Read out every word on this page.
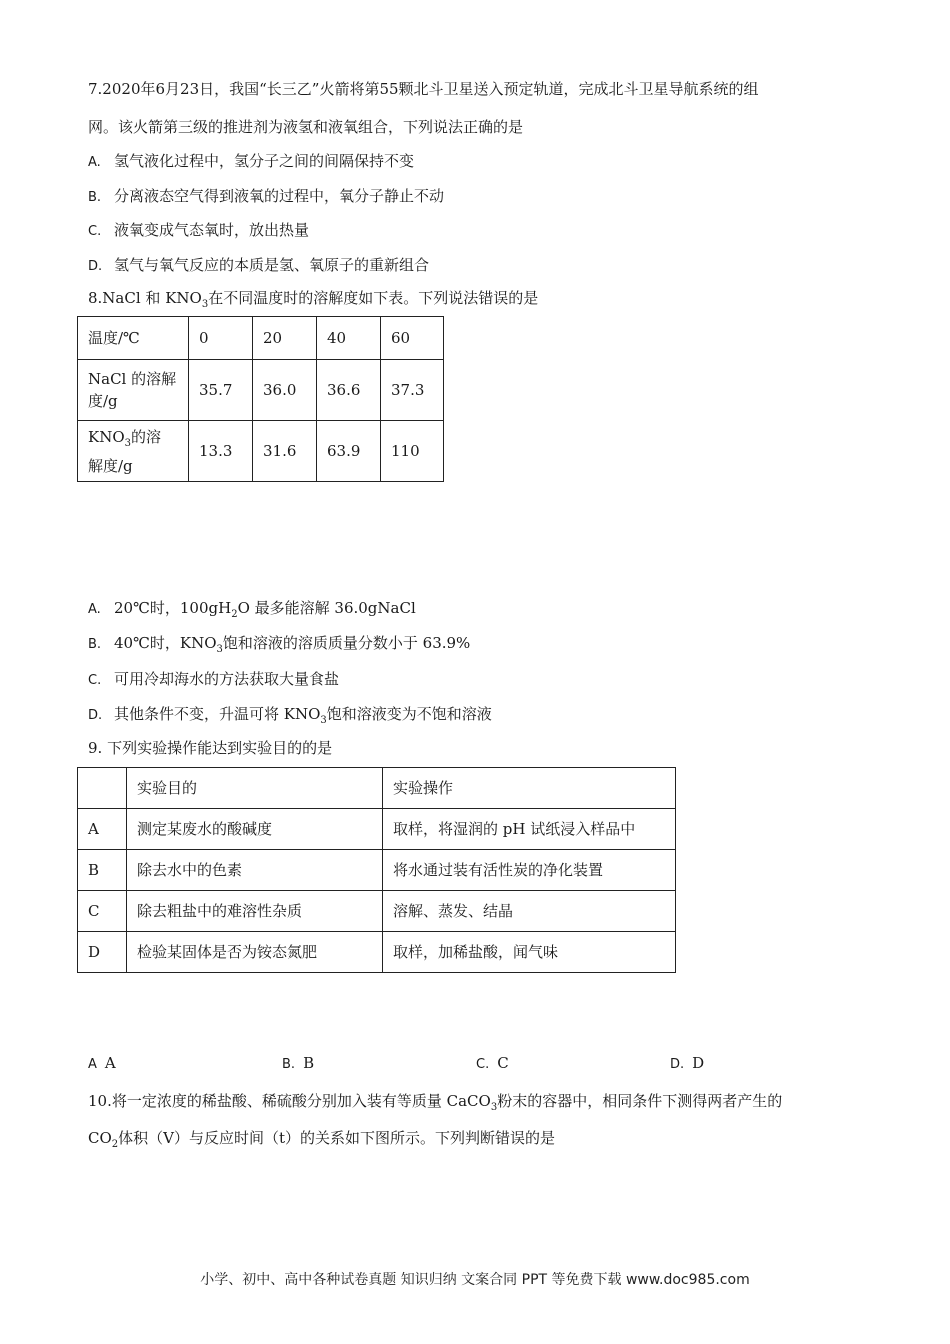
7.2020年6月23日，我国“长三乙”火箭将第55颗北斗卫星送入预定轨道，完成北斗卫星导航系统的组
网。该火箭第三级的推进剂为液氢和液氧组合，下列说法正确的是
A. 氢气液化过程中，氢分子之间的间隔保持不变
B. 分离液态空气得到液氧的过程中，氧分子静止不动
C. 液氧变成气态氧时，放出热量
D. 氢气与氧气反应的本质是氢、氧原子的重新组合
8.NaCl 和 $KNO_3$在不同温度时的溶解度如下表。下列说法错误的是
温度/℃	0	20	40	60
NaCl 的溶解
度/g	35.7	36.0	36.6	37.3
$KNO_3$的溶
解度/g	13.3	31.6	63.9	110
A. 20℃时，$100gH_2O$ 最多能溶解 36.0gNaCl
B. 40℃时，$KNO_3$饱和溶液的溶质质量分数小于 63.9%
C. 可用冷却海水的方法获取大量食盐
D. 其他条件不变，升温可将 $KNO_3$饱和溶液变为不饱和溶液
9. 下列实验操作能达到实验目的的是
	实验目的	实验操作
A	测定某废水的酸碱度	取样，将湿润的 pH 试纸浸入样品中
B	除去水中的色素	将水通过装有活性炭的净化装置
C	除去粗盐中的难溶性杂质	溶解、蒸发、结晶
D	检验某固体是否为铵态氮肥	取样，加稀盐酸，闻气味
A A	B. B	C. C	D. D
10.将一定浓度的稀盐酸、稀硫酸分别加入装有等质量 CaCO$_3$粉末的容器中，相同条件下测得两者产生的
$CO_2$体积（V）与反应时间（t）的关系如下图所示。下列判断错误的是
小学、初中、高中各种试卷真题 知识归纳 文案合同 PPT 等免费下载 www.doc985.com
